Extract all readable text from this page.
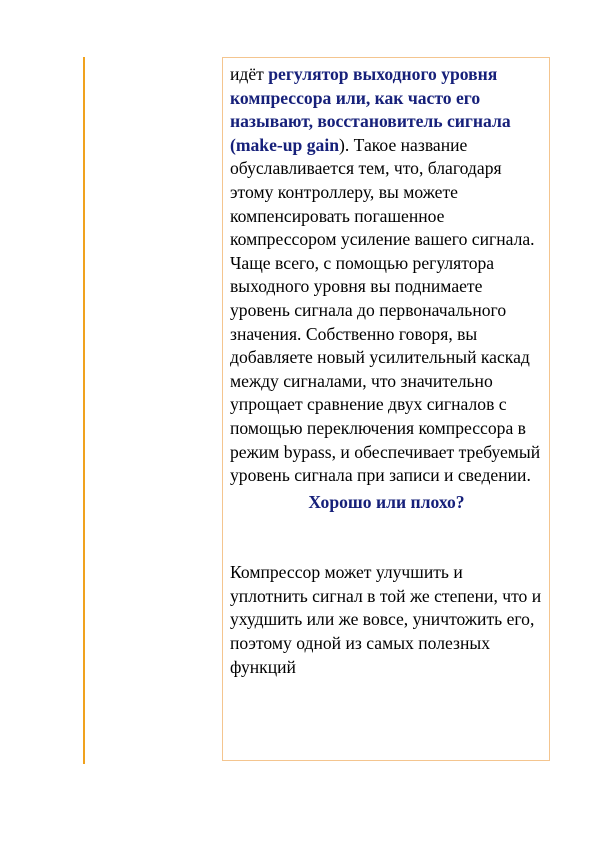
идёт регулятор выходного уровня компрессора или, как часто его называют, восстановитель сигнала (make-up gain). Такое название обуславливается тем, что, благодаря этому контроллеру, вы можете компенсировать погашенное компрессором усиление вашего сигнала. Чаще всего, с помощью регулятора выходного уровня вы поднимаете уровень сигнала до первоначального значения. Собственно говоря, вы добавляете новый усилительный каскад между сигналами, что значительно упрощает сравнение двух сигналов с помощью переключения компрессора в режим bypass, и обеспечивает требуемый уровень сигнала при записи и сведении.

Хорошо или плохо?

Компрессор может улучшить и уплотнить сигнал в той же степени, что и ухудшить или же вовсе, уничтожить его, поэтому одной из самых полезных функций
